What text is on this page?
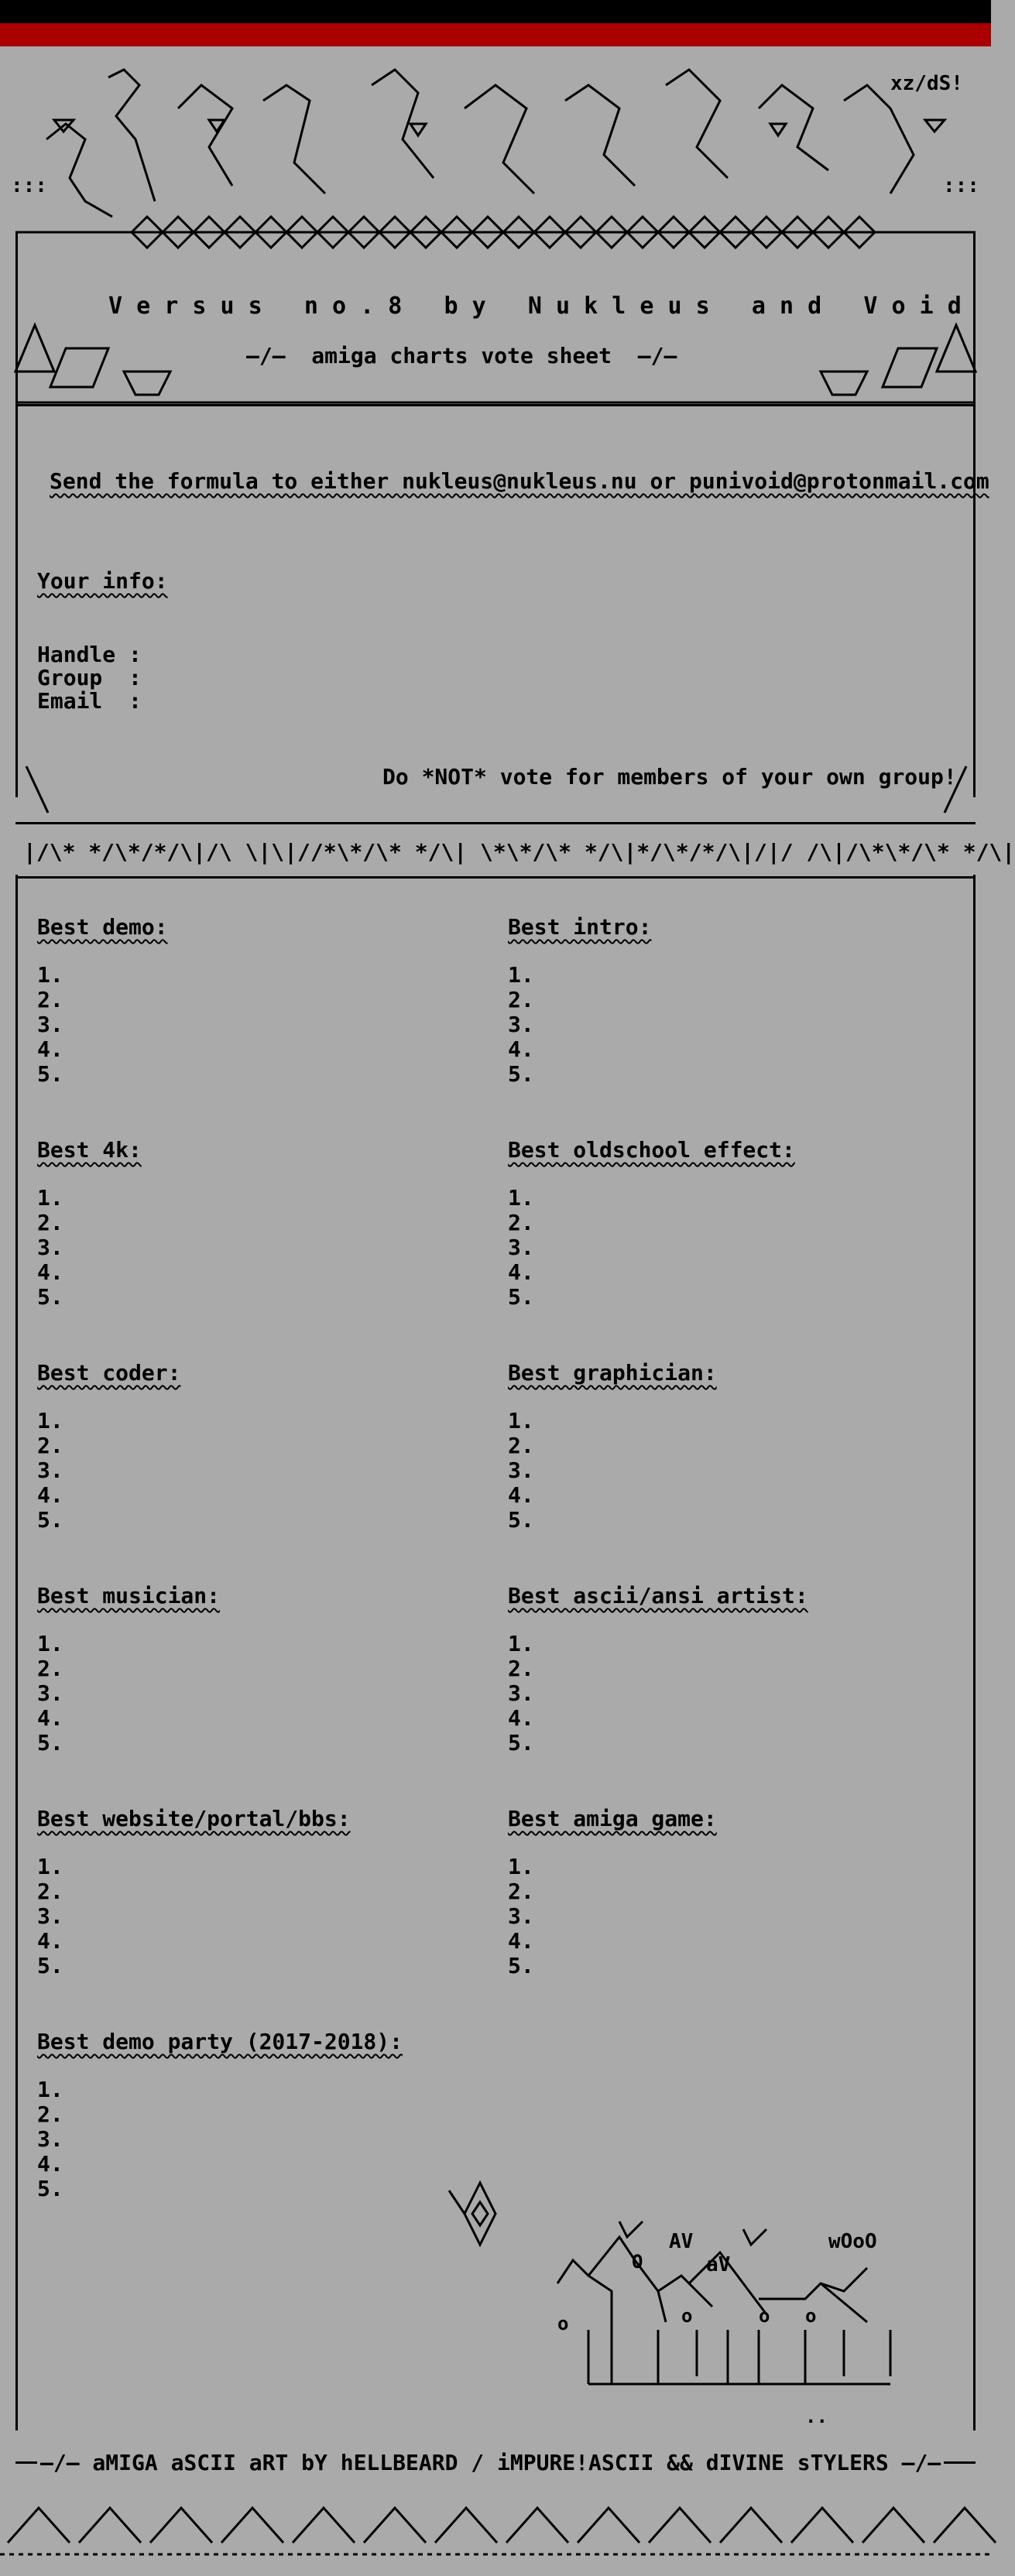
:::	:::
xz/dS!
V e r s u s   n o . 8   b y   N u k l e u s   a n d   V o i d
—/—  amiga charts vote sheet  —/—
Send the formula to either nukleus@nukleus.nu or punivoid@protonmail.com
Your info:
Handle :
Group  :
Email  :
Do *NOT* vote for members of your own group!
|/\* */\*/*/\|/\ \|\|//*\*/\* */\| \*\*/\* */\|*/\*/*/\|/|/ /\|/\*\*/\* */\|
Best demo:
1.
2.
3.
4.
5.
Best intro:
1.
2.
3.
4.
5.
Best 4k:
1.
2.
3.
4.
5.
Best oldschool effect:
1.
2.
3.
4.
5.
Best coder:
1.
2.
3.
4.
5.
Best graphician:
1.
2.
3.
4.
5.
Best musician:
1.
2.
3.
4.
5.
Best ascii/ansi artist:
1.
2.
3.
4.
5.
Best website/portal/bbs:
1.
2.
3.
4.
5.
Best amiga game:
1.
2.
3.
4.
5.
Best demo party (2017-2018):
1.
2.
3.
4.
5.
O
o	o	o o
..
AV
aV
wOoO
—/— aMIGA aSCII aRT bY hELLBEARD / iMPURE!ASCII && dIVINE sTYLERS —/—
